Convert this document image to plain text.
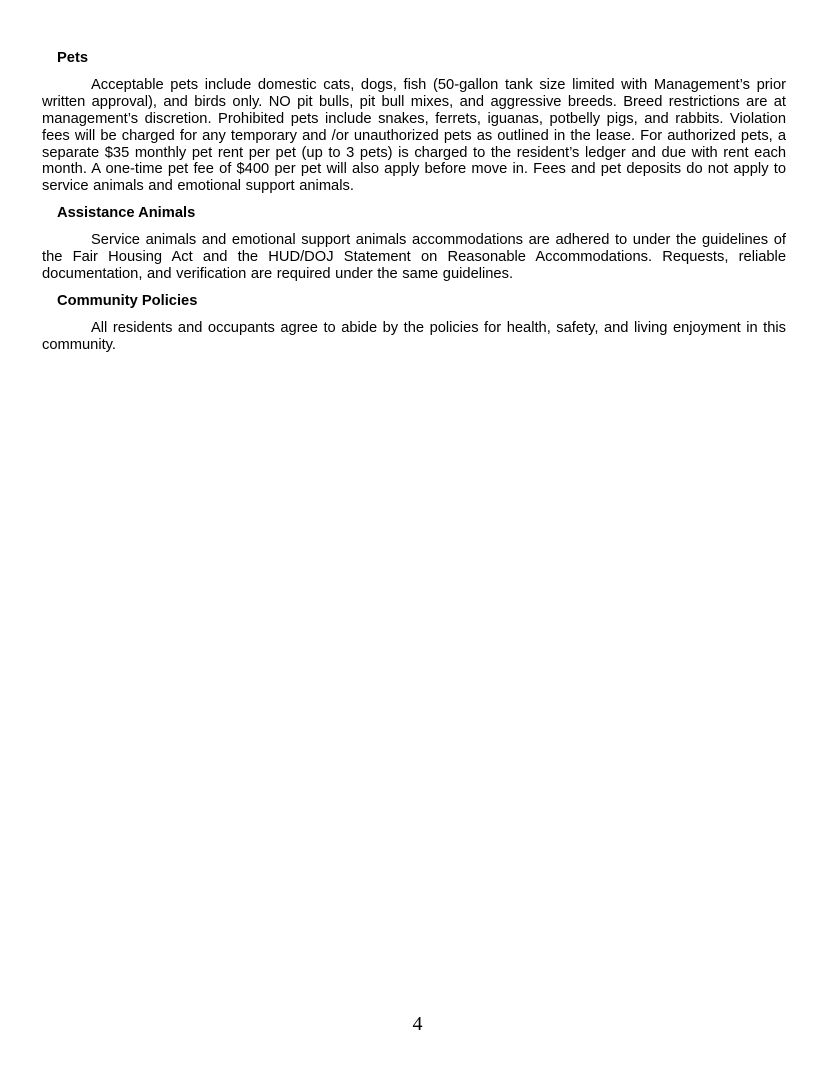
Pets

Acceptable pets include domestic cats, dogs, fish (50-gallon tank size limited with Management’s prior written approval), and birds only. NO pit bulls, pit bull mixes, and aggressive breeds. Breed restrictions are at management’s discretion. Prohibited pets include snakes, ferrets, iguanas, potbelly pigs, and rabbits. Violation fees will be charged for any temporary and /or unauthorized pets as outlined in the lease. For authorized pets, a separate $35 monthly pet rent per pet (up to 3 pets) is charged to the resident’s ledger and due with rent each month. A one-time pet fee of $400 per pet will also apply before move in. Fees and pet deposits do not apply to service animals and emotional support animals.

Assistance Animals

Service animals and emotional support animals accommodations are adhered to under the guidelines of the Fair Housing Act and the HUD/DOJ Statement on Reasonable Accommodations. Requests, reliable documentation, and verification are required under the same guidelines.

Community Policies

All residents and occupants agree to abide by the policies for health, safety, and living enjoyment in this community.

4
